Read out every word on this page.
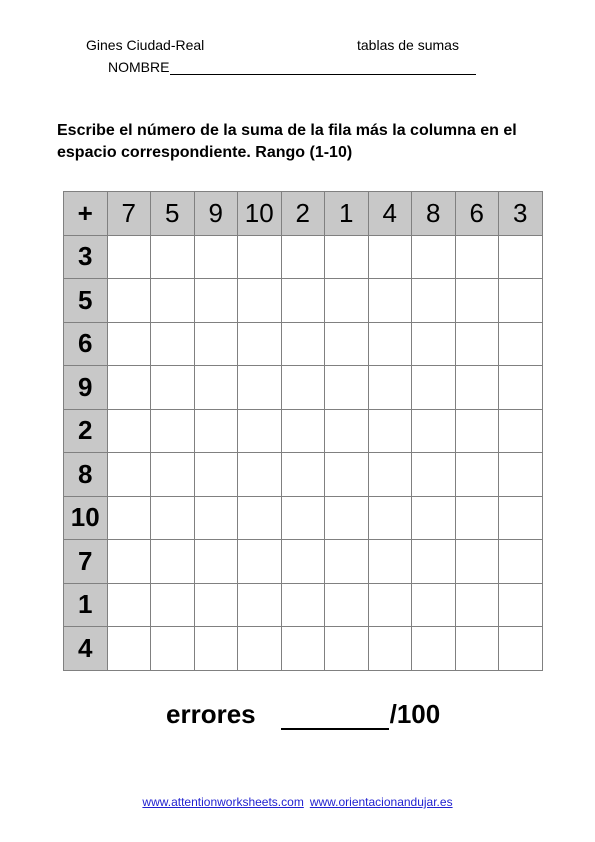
Gines Ciudad-Real	tablas de sumas
NOMBRE
Escribe el número de la suma de la fila más la columna en el espacio correspondiente. Rango (1-10)
+	7	5	9	10	2	1	4	8	6	3
3										
5										
6										
9										
2										
8										
10										
7										
1										
4										
errores	/100
www.attentionworksheets.com www.orientacionandujar.es
